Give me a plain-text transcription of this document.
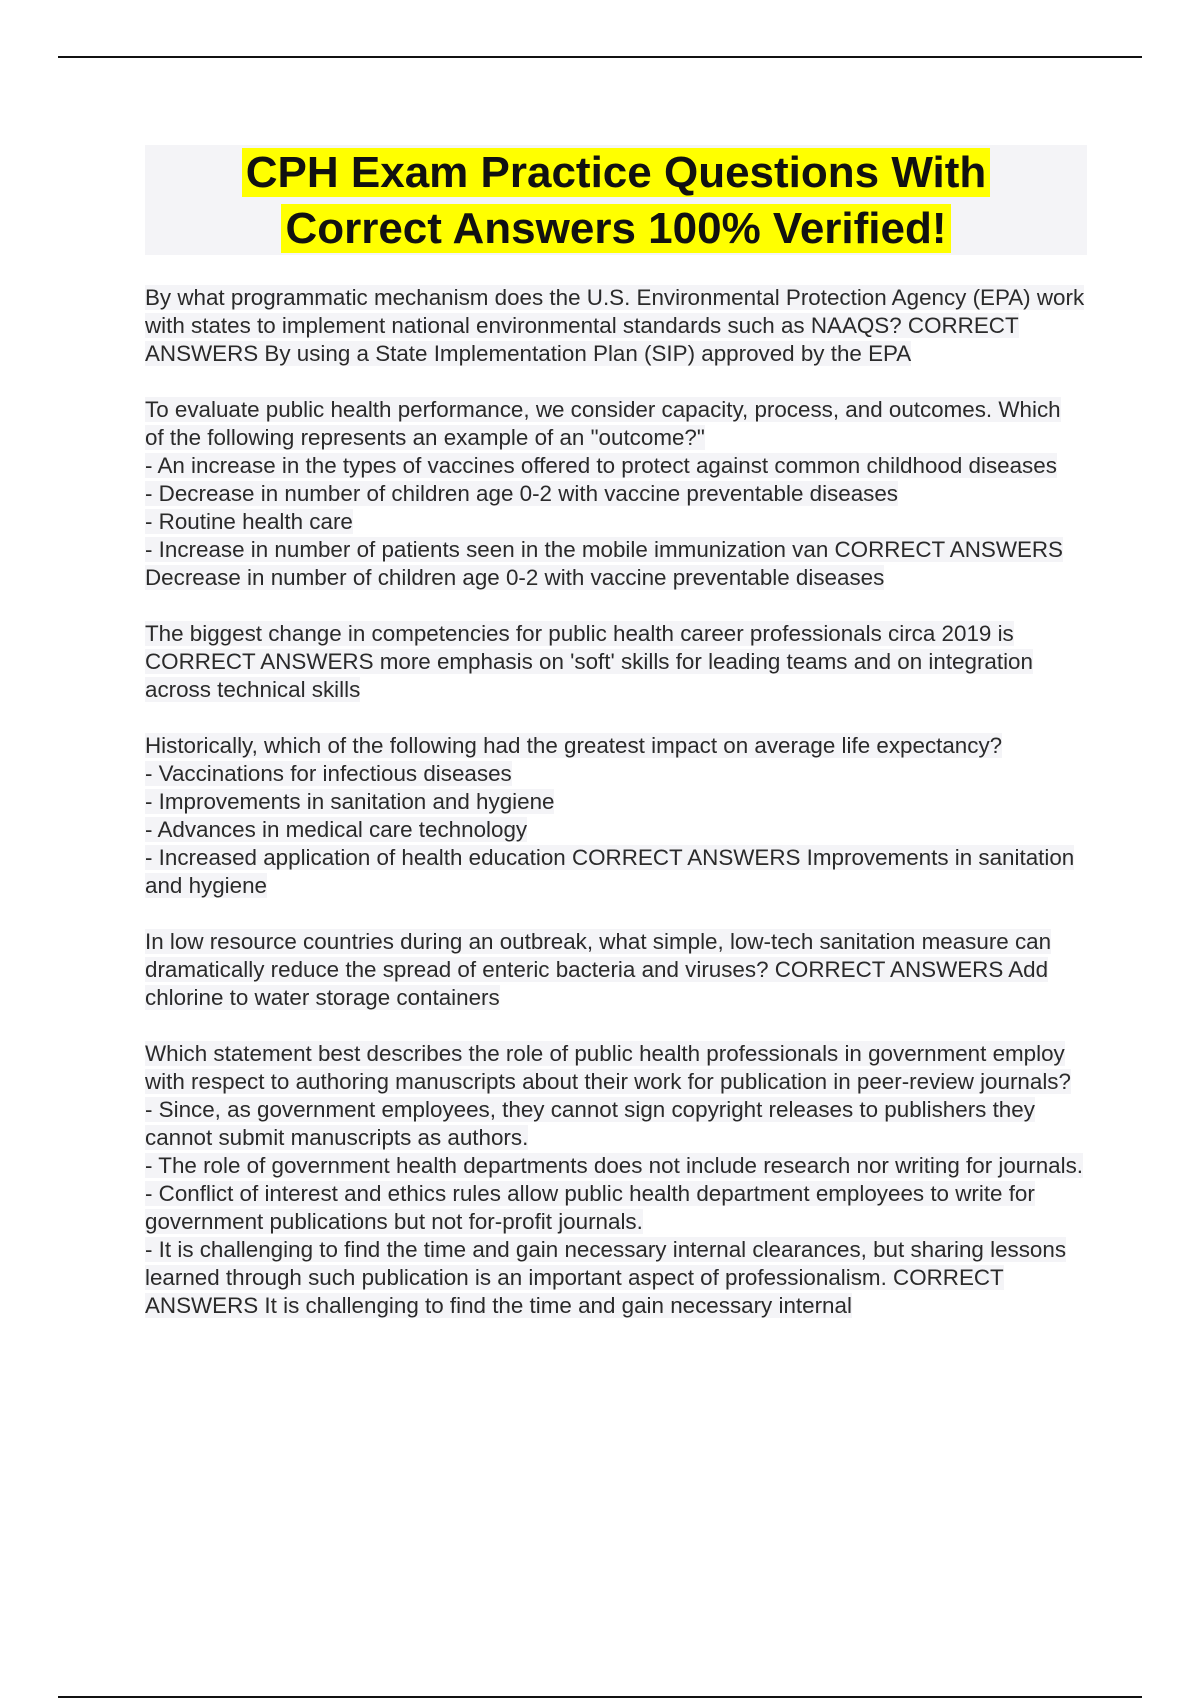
CPH Exam Practice Questions With
Correct Answers 100% Verified!

By what programmatic mechanism does the U.S. Environmental Protection Agency (EPA) work with states to implement national environmental standards such as NAAQS? CORRECT ANSWERS By using a State Implementation Plan (SIP) approved by the EPA

To evaluate public health performance, we consider capacity, process, and outcomes. Which of the following represents an example of an "outcome?"

- An increase in the types of vaccines offered to protect against common childhood diseases

- Decrease in number of children age 0-2 with vaccine preventable diseases

- Routine health care

- Increase in number of patients seen in the mobile immunization van CORRECT ANSWERS Decrease in number of children age 0-2 with vaccine preventable diseases

The biggest change in competencies for public health career professionals circa 2019 is CORRECT ANSWERS more emphasis on 'soft' skills for leading teams and on integration across technical skills

Historically, which of the following had the greatest impact on average life expectancy?

- Vaccinations for infectious diseases

- Improvements in sanitation and hygiene

- Advances in medical care technology

- Increased application of health education CORRECT ANSWERS Improvements in sanitation and hygiene

In low resource countries during an outbreak, what simple, low-tech sanitation measure can dramatically reduce the spread of enteric bacteria and viruses? CORRECT ANSWERS Add chlorine to water storage containers

Which statement best describes the role of public health professionals in government employ with respect to authoring manuscripts about their work for publication in peer-review journals?

- Since, as government employees, they cannot sign copyright releases to publishers they cannot submit manuscripts as authors.

- The role of government health departments does not include research nor writing for journals.

- Conflict of interest and ethics rules allow public health department employees to write for government publications but not for-profit journals.

- It is challenging to find the time and gain necessary internal clearances, but sharing lessons learned through such publication is an important aspect of professionalism. CORRECT ANSWERS It is challenging to find the time and gain necessary internal
